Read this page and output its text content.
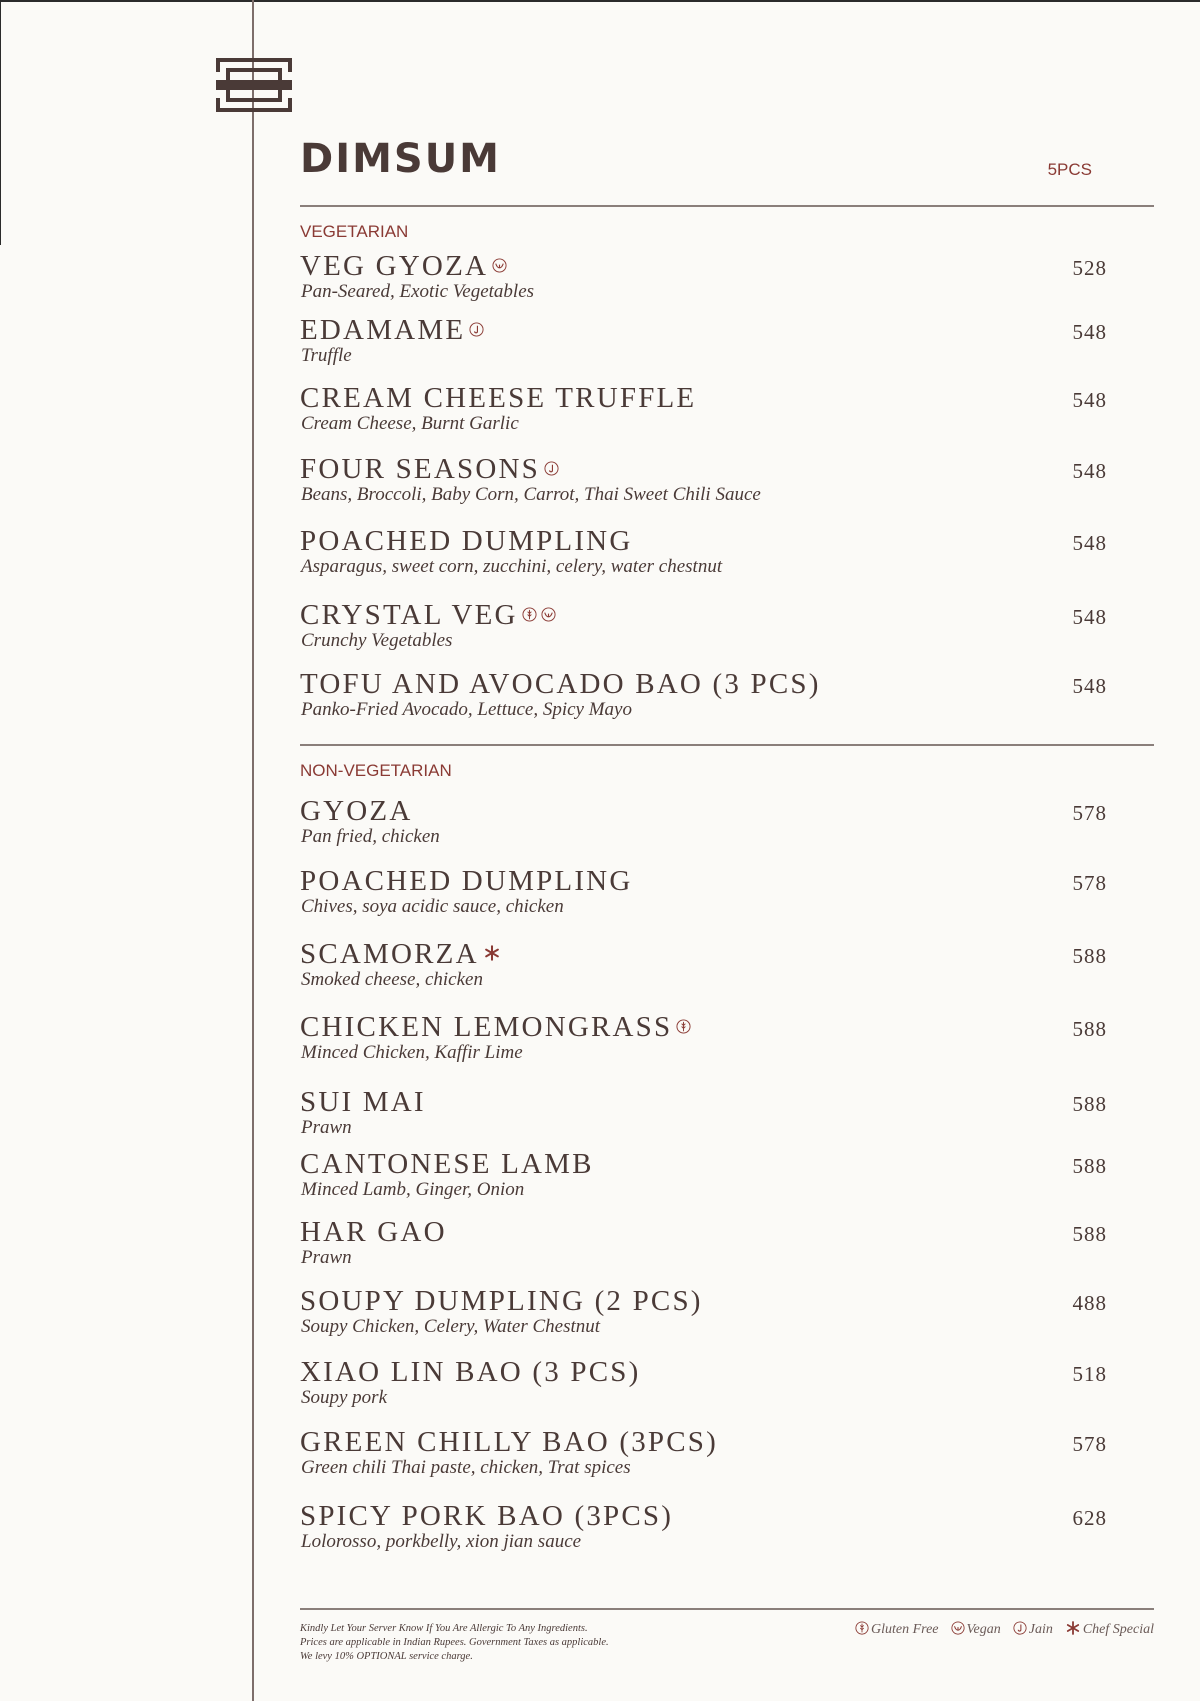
DIMSUM	5PCS
VEGETARIAN
VEG GYOZA
Pan-Seared, Exotic Vegetables
528
EDAMAME
Truffle
548
CREAM CHEESE TRUFFLE
Cream Cheese, Burnt Garlic
548
FOUR SEASONS
Beans, Broccoli, Baby Corn, Carrot, Thai Sweet Chili Sauce
548
POACHED DUMPLING
Asparagus, sweet corn, zucchini, celery, water chestnut
548
CRYSTAL VEG
Crunchy Vegetables
548
TOFU AND AVOCADO BAO (3 PCS)
Panko-Fried Avocado, Lettuce, Spicy Mayo
548
NON-VEGETARIAN
GYOZA
Pan fried, chicken
578
POACHED DUMPLING
Chives, soya acidic sauce, chicken
578
SCAMORZA
Smoked cheese, chicken
588
CHICKEN LEMONGRASS
Minced Chicken, Kaffir Lime
588
SUI MAI
Prawn
588
CANTONESE LAMB
Minced Lamb, Ginger, Onion
588
HAR GAO
Prawn
588
SOUPY DUMPLING (2 PCS)
Soupy Chicken, Celery, Water Chestnut
488
XIAO LIN BAO (3 PCS)
Soupy pork
518
GREEN CHILLY BAO (3PCS)
Green chili Thai paste, chicken, Trat spices
578
SPICY PORK BAO (3PCS)
Lolorosso, porkbelly, xion jian sauce
628
Kindly Let Your Server Know If You Are Allergic To Any Ingredients.
Prices are applicable in Indian Rupees. Government Taxes as applicable.
We levy 10% OPTIONAL service charge.
Gluten Free Vegan Jain Chef Special
